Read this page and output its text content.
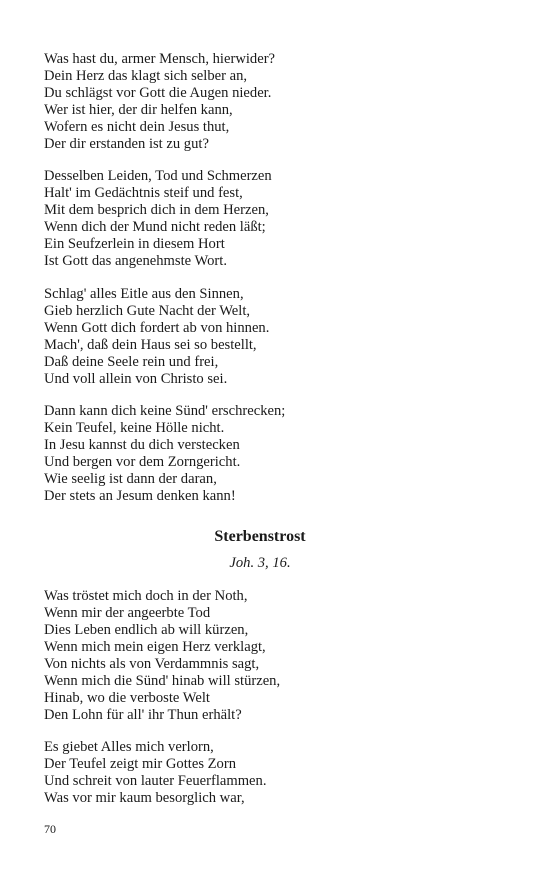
Was hast du, armer Mensch, hierwider?
Dein Herz das klagt sich selber an,
Du schlägst vor Gott die Augen nieder.
Wer ist hier, der dir helfen kann,
Wofern es nicht dein Jesus thut,
Der dir erstanden ist zu gut?
Desselben Leiden, Tod und Schmerzen
Halt' im Gedächtnis steif und fest,
Mit dem besprich dich in dem Herzen,
Wenn dich der Mund nicht reden läßt;
Ein Seufzerlein in diesem Hort
Ist Gott das angenehmste Wort.
Schlag' alles Eitle aus den Sinnen,
Gieb herzlich Gute Nacht der Welt,
Wenn Gott dich fordert ab von hinnen.
Mach', daß dein Haus sei so bestellt,
Daß deine Seele rein und frei,
Und voll allein von Christo sei.
Dann kann dich keine Sünd' erschrecken;
Kein Teufel, keine Hölle nicht.
In Jesu kannst du dich verstecken
Und bergen vor dem Zorngericht.
Wie seelig ist dann der daran,
Der stets an Jesum denken kann!
Sterbenstrost
Joh. 3, 16.
Was tröstet mich doch in der Noth,
Wenn mir der angeerbte Tod
Dies Leben endlich ab will kürzen,
Wenn mich mein eigen Herz verklagt,
Von nichts als von Verdammnis sagt,
Wenn mich die Sünd' hinab will stürzen,
Hinab, wo die verboste Welt
Den Lohn für all' ihr Thun erhält?
Es giebet Alles mich verlorn,
Der Teufel zeigt mir Gottes Zorn
Und schreit von lauter Feuerflammen.
Was vor mir kaum besorglich war,
70
